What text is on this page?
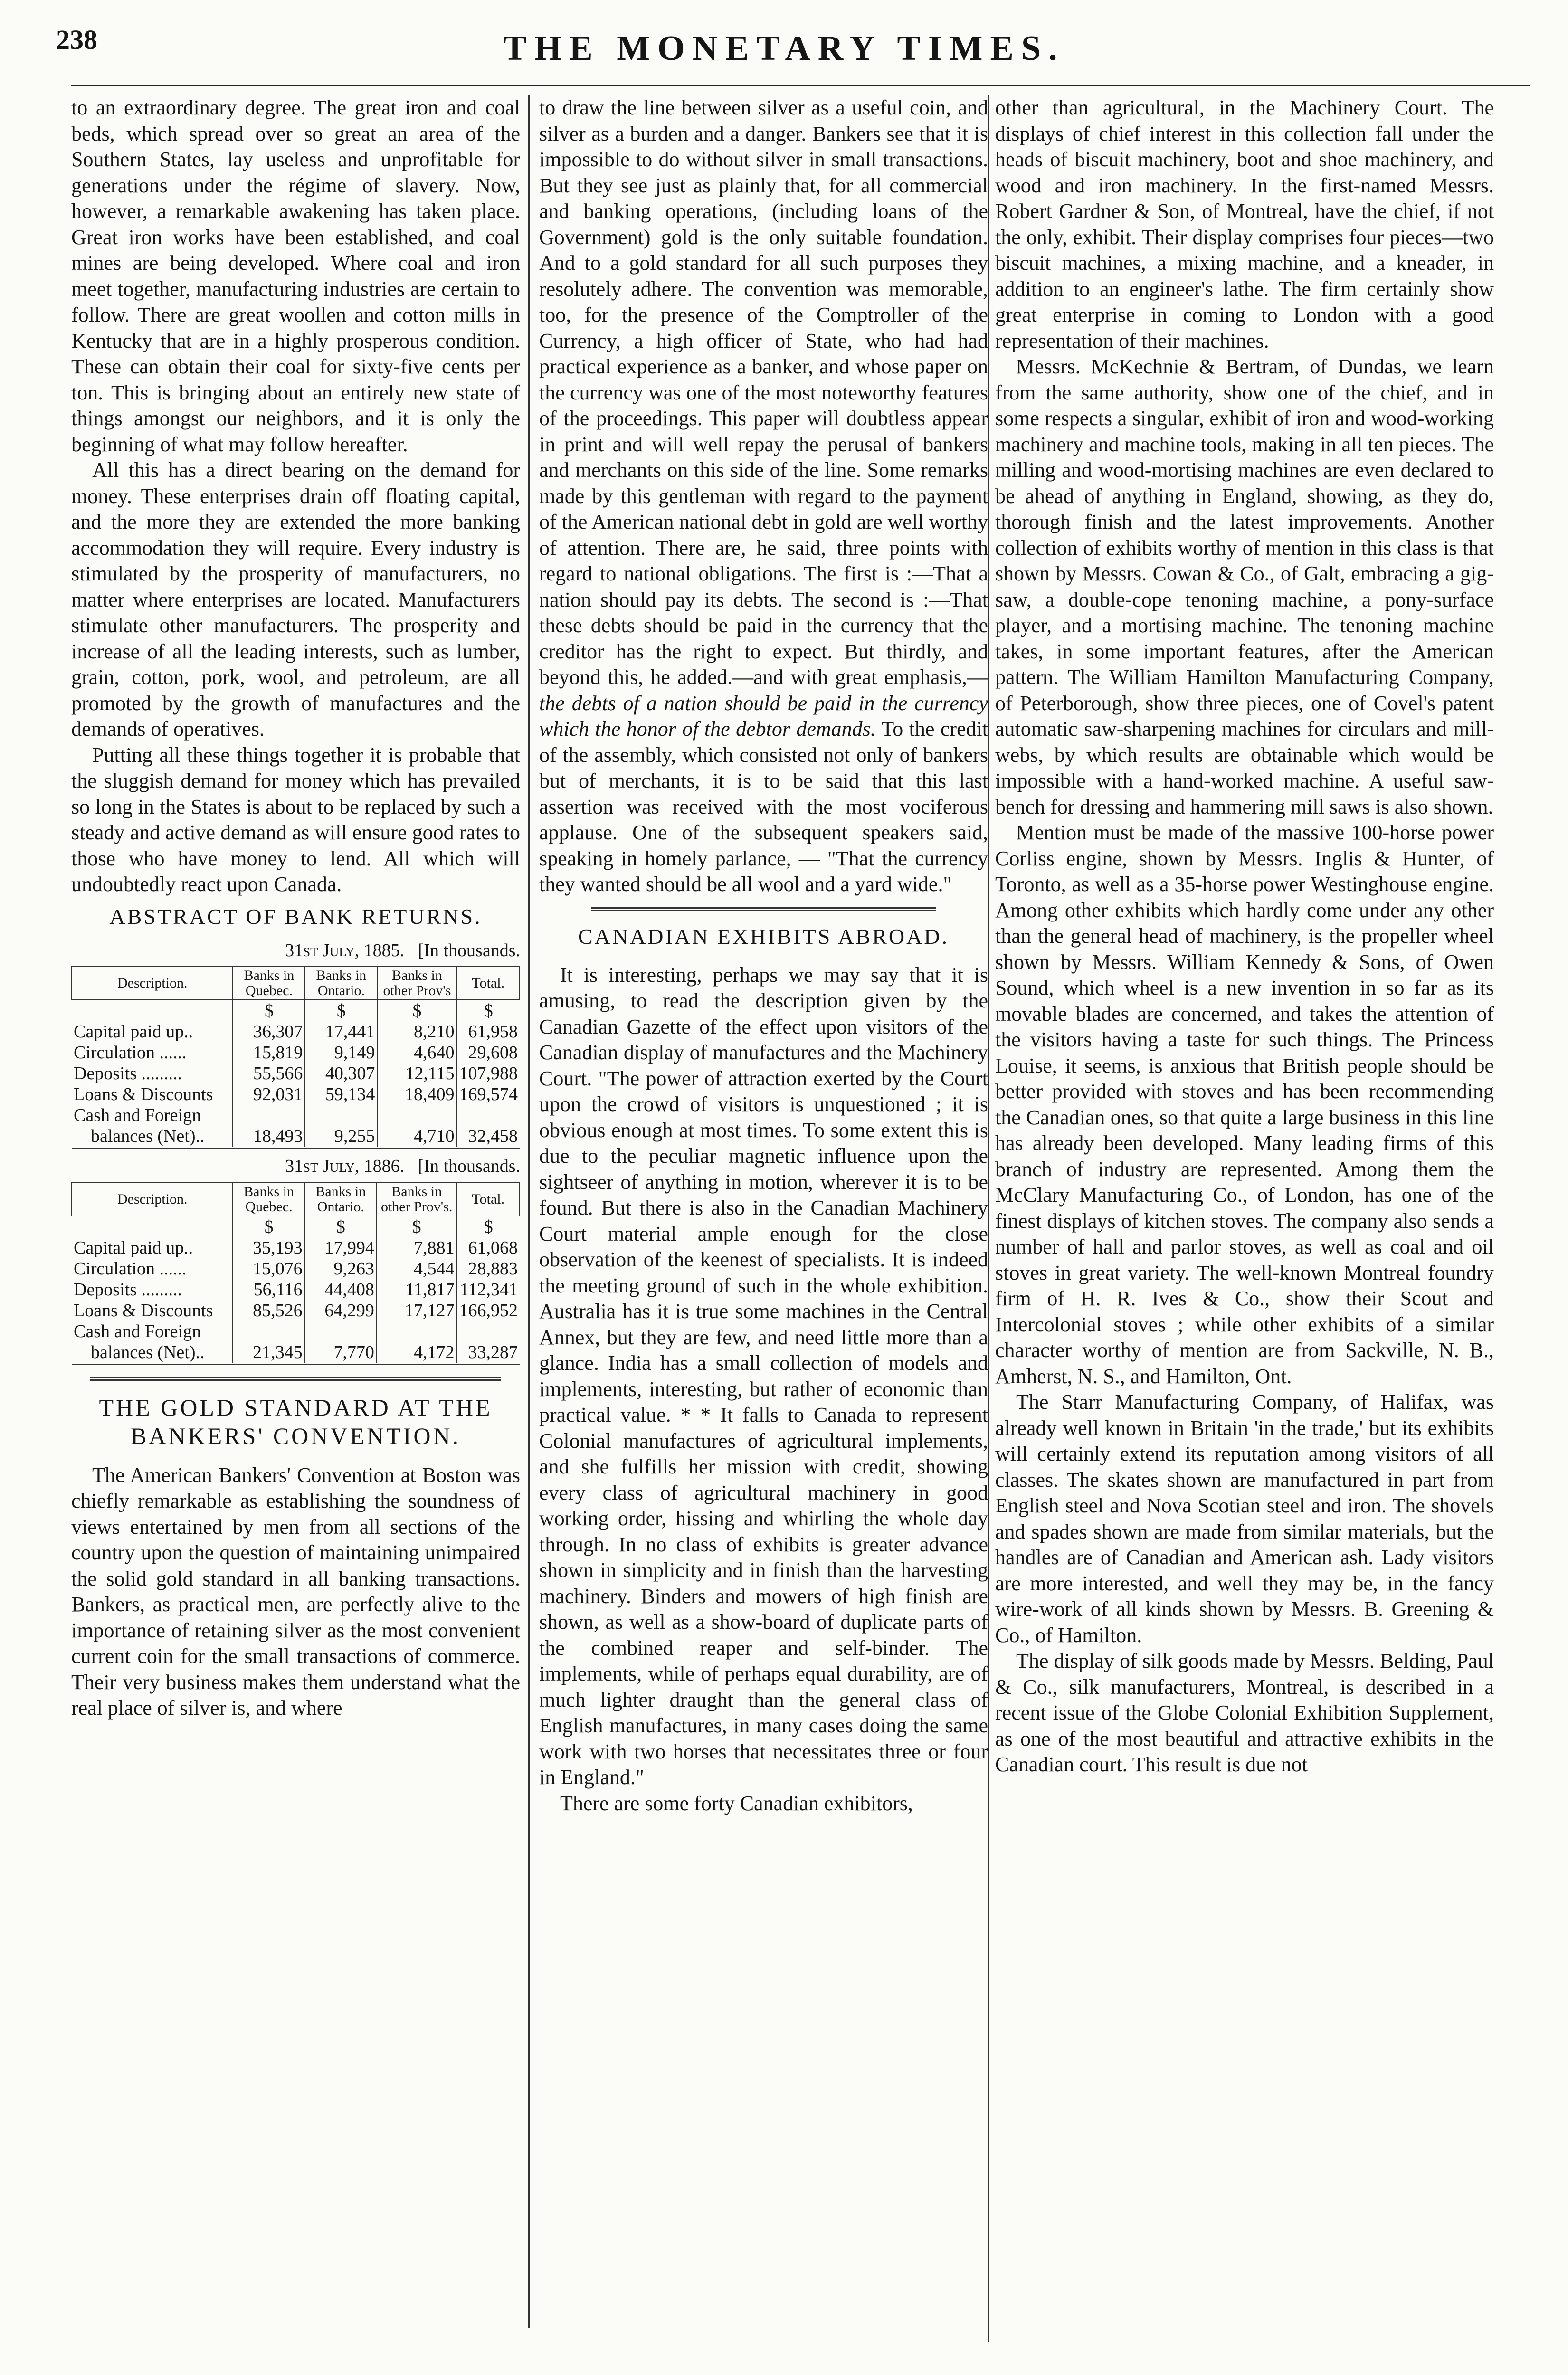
238	THE MONETARY TIMES.

to an extraordinary degree. The great iron and coal beds, which spread over so great an area of the Southern States, lay useless and unprofitable for generations under the régime of slavery. Now, however, a remarkable awakening has taken place. Great iron works have been established, and coal mines are being developed. Where coal and iron meet together, manufacturing industries are certain to follow. There are great woollen and cotton mills in Kentucky that are in a highly prosperous condition. These can obtain their coal for sixty-five cents per ton. This is bringing about an entirely new state of things amongst our neighbors, and it is only the beginning of what may follow hereafter.

All this has a direct bearing on the demand for money. These enterprises drain off floating capital, and the more they are extended the more banking accommodation they will require. Every industry is stimulated by the prosperity of manufacturers, no matter where enterprises are located. Manufacturers stimulate other manufacturers. The prosperity and increase of all the leading interests, such as lumber, grain, cotton, pork, wool, and petroleum, are all promoted by the growth of manufactures and the demands of operatives.

Putting all these things together it is probable that the sluggish demand for money which has prevailed so long in the States is about to be replaced by such a steady and active demand as will ensure good rates to those who have money to lend. All which will undoubtedly react upon Canada.

ABSTRACT OF BANK RETURNS.
31st July, 1885. [In thousands.
Description.	Banks in Quebec.	Banks in Ontario.	Banks in other Prov's	Total.
	$	$	$	$
Capital paid up..	36,307	17,441	8,210	61,958
Circulation ......	15,819	9,149	4,640	29,608
Deposits .........	55,566	40,307	12,115	107,988
Loans & Discounts	92,031	59,134	18,409	169,574
Cash and Foreign				
balances (Net)..	18,493	9,255	4,710	32,458
31st July, 1886. [In thousands.
Description.	Banks in Quebec.	Banks in Ontario.	Banks in other Prov's.	Total.
	$	$	$	$
Capital paid up..	35,193	17,994	7,881	61,068
Circulation ......	15,076	9,263	4,544	28,883
Deposits .........	56,116	44,408	11,817	112,341
Loans & Discounts	85,526	64,299	17,127	166,952
Cash and Foreign				
balances (Net)..	21,345	7,770	4,172	33,287
THE GOLD STANDARD AT THE BANKERS' CONVENTION.

The American Bankers' Convention at Boston was chiefly remarkable as establishing the soundness of views entertained by men from all sections of the country upon the question of maintaining unimpaired the solid gold standard in all banking transactions. Bankers, as practical men, are perfectly alive to the importance of retaining silver as the most convenient current coin for the small transactions of commerce. Their very business makes them understand what the real place of silver is, and where

to draw the line between silver as a useful coin, and silver as a burden and a danger. Bankers see that it is impossible to do without silver in small transactions. But they see just as plainly that, for all commercial and banking operations, (including loans of the Government) gold is the only suitable foundation. And to a gold standard for all such purposes they resolutely adhere. The convention was memorable, too, for the presence of the Comptroller of the Currency, a high officer of State, who had had practical experience as a banker, and whose paper on the currency was one of the most noteworthy features of the proceedings. This paper will doubtless appear in print and will well repay the perusal of bankers and merchants on this side of the line. Some remarks made by this gentleman with regard to the payment of the American national debt in gold are well worthy of attention. There are, he said, three points with regard to national obligations. The first is :—That a nation should pay its debts. The second is :—That these debts should be paid in the currency that the creditor has the right to expect. But thirdly, and beyond this, he added.—and with great emphasis,—the debts of a nation should be paid in the currency which the honor of the debtor demands. To the credit of the assembly, which consisted not only of bankers but of merchants, it is to be said that this last assertion was received with the most vociferous applause. One of the subsequent speakers said, speaking in homely parlance, — "That the currency they wanted should be all wool and a yard wide."

CANADIAN EXHIBITS ABROAD.

It is interesting, perhaps we may say that it is amusing, to read the description given by the Canadian Gazette of the effect upon visitors of the Canadian display of manufactures and the Machinery Court. "The power of attraction exerted by the Court upon the crowd of visitors is unquestioned ; it is obvious enough at most times. To some extent this is due to the peculiar magnetic influence upon the sightseer of anything in motion, wherever it is to be found. But there is also in the Canadian Machinery Court material ample enough for the close observation of the keenest of specialists. It is indeed the meeting ground of such in the whole exhibition. Australia has it is true some machines in the Central Annex, but they are few, and need little more than a glance. India has a small collection of models and implements, interesting, but rather of economic than practical value. * * It falls to Canada to represent Colonial manufactures of agricultural implements, and she fulfills her mission with credit, showing every class of agricultural machinery in good working order, hissing and whirling the whole day through. In no class of exhibits is greater advance shown in simplicity and in finish than the harvesting machinery. Binders and mowers of high finish are shown, as well as a show-board of duplicate parts of the combined reaper and self-binder. The implements, while of perhaps equal durability, are of much lighter draught than the general class of English manufactures, in many cases doing the same work with two horses that necessitates three or four in England."

There are some forty Canadian exhibitors,

other than agricultural, in the Machinery Court. The displays of chief interest in this collection fall under the heads of biscuit machinery, boot and shoe machinery, and wood and iron machinery. In the first-named Messrs. Robert Gardner & Son, of Montreal, have the chief, if not the only, exhibit. Their display comprises four pieces—two biscuit machines, a mixing machine, and a kneader, in addition to an engineer's lathe. The firm certainly show great enterprise in coming to London with a good representation of their machines.

Messrs. McKechnie & Bertram, of Dundas, we learn from the same authority, show one of the chief, and in some respects a singular, exhibit of iron and wood-working machinery and machine tools, making in all ten pieces. The milling and wood-mortising machines are even declared to be ahead of anything in England, showing, as they do, thorough finish and the latest improvements. Another collection of exhibits worthy of mention in this class is that shown by Messrs. Cowan & Co., of Galt, embracing a gig-saw, a double-cope tenoning machine, a pony-surface player, and a mortising machine. The tenoning machine takes, in some important features, after the American pattern. The William Hamilton Manufacturing Company, of Peterborough, show three pieces, one of Covel's patent automatic saw-sharpening machines for circulars and mill-webs, by which results are obtainable which would be impossible with a hand-worked machine. A useful saw-bench for dressing and hammering mill saws is also shown.

Mention must be made of the massive 100-horse power Corliss engine, shown by Messrs. Inglis & Hunter, of Toronto, as well as a 35-horse power Westinghouse engine. Among other exhibits which hardly come under any other than the general head of machinery, is the propeller wheel shown by Messrs. William Kennedy & Sons, of Owen Sound, which wheel is a new invention in so far as its movable blades are concerned, and takes the attention of the visitors having a taste for such things. The Princess Louise, it seems, is anxious that British people should be better provided with stoves and has been recommending the Canadian ones, so that quite a large business in this line has already been developed. Many leading firms of this branch of industry are represented. Among them the McClary Manufacturing Co., of London, has one of the finest displays of kitchen stoves. The company also sends a number of hall and parlor stoves, as well as coal and oil stoves in great variety. The well-known Montreal foundry firm of H. R. Ives & Co., show their Scout and Intercolonial stoves ; while other exhibits of a similar character worthy of mention are from Sackville, N. B., Amherst, N. S., and Hamilton, Ont.

The Starr Manufacturing Company, of Halifax, was already well known in Britain 'in the trade,' but its exhibits will certainly extend its reputation among visitors of all classes. The skates shown are manufactured in part from English steel and Nova Scotian steel and iron. The shovels and spades shown are made from similar materials, but the handles are of Canadian and American ash. Lady visitors are more interested, and well they may be, in the fancy wire-work of all kinds shown by Messrs. B. Greening & Co., of Hamilton.

The display of silk goods made by Messrs. Belding, Paul & Co., silk manufacturers, Montreal, is described in a recent issue of the Globe Colonial Exhibition Supplement, as one of the most beautiful and attractive exhibits in the Canadian court. This result is due not
